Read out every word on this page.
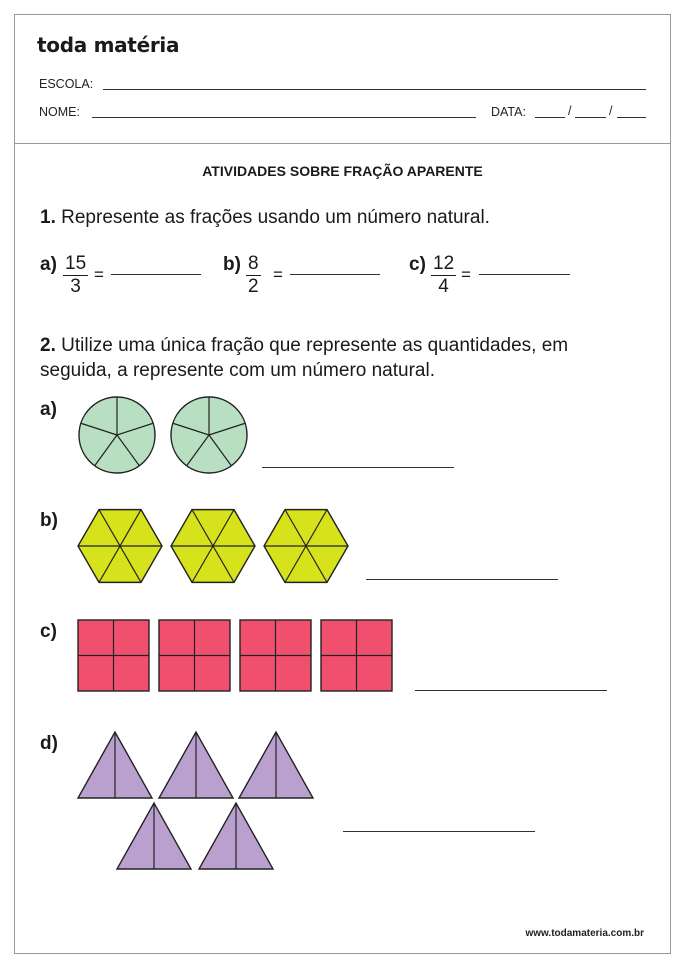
toda matéria
ESCOLA:
NOME:	DATA:	/	/
ATIVIDADES SOBRE FRAÇÃO APARENTE
1. Represente as frações usando um número natural.
$a) \frac{15}{3}$ =	$b) \frac{8}{2}$ =	$c) \frac{12}{4}$ =
2. Utilize uma única fração que represente as quantidades, em
seguida, a represente com um número natural.
a)
b)
c)
d)
www.todamateria.com.br
